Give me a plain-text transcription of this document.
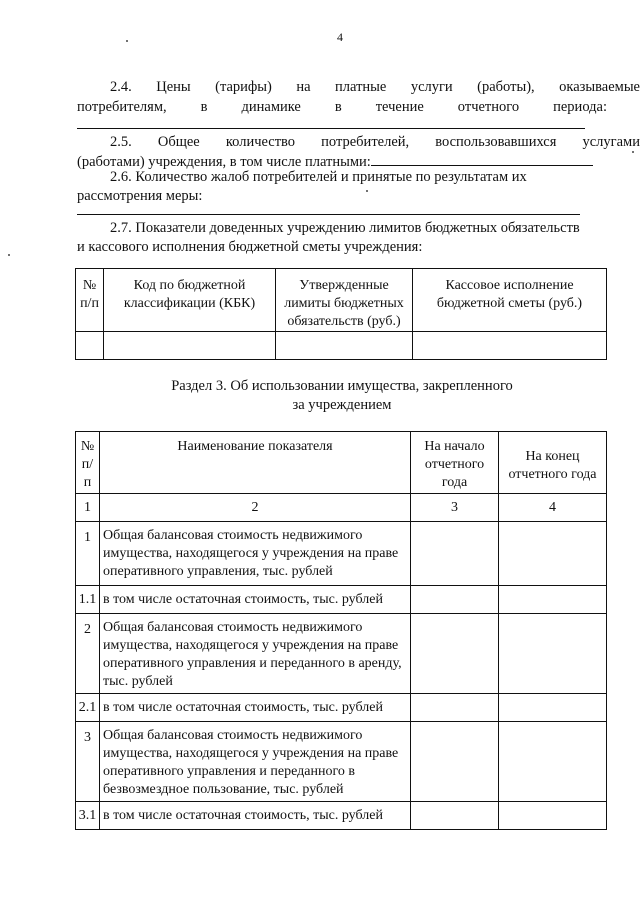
4
2.4. Цены (тарифы) на платные услуги (работы), оказываемые
потребителям, в динамике в течение отчетного периода:
2.5. Общее количество потребителей, воспользовавшихся услугами
(работами) учреждения, в том числе платными:
2.6. Количество жалоб потребителей и принятые по результатам их
рассмотрения меры:
2.7. Показатели доведенных учреждению лимитов бюджетных обязательств
и кассового исполнения бюджетной сметы учреждения:
№ п/п	Код по бюджетной классификации (КБК)	Утвержденные лимиты бюджетных обязательств (руб.)	Кассовое исполнение бюджетной сметы (руб.)

Раздел 3. Об использовании имущества, закрепленного
за учреждением
№ п/п	Наименование показателя	На начало отчетного года	На конец отчетного года
1	2	3	4
1	Общая балансовая стоимость недвижимого имущества, находящегося у учреждения на праве оперативного управления, тыс. рублей		
1.1	в том числе остаточная стоимость, тыс. рублей		
2	Общая балансовая стоимость недвижимого имущества, находящегося у учреждения на праве оперативного управления и переданного в аренду, тыс. рублей		
2.1	в том числе остаточная стоимость, тыс. рублей		
3	Общая балансовая стоимость недвижимого имущества, находящегося у учреждения на праве оперативного управления и переданного в безвозмездное пользование, тыс. рублей		
3.1	в том числе остаточная стоимость, тыс. рублей		
